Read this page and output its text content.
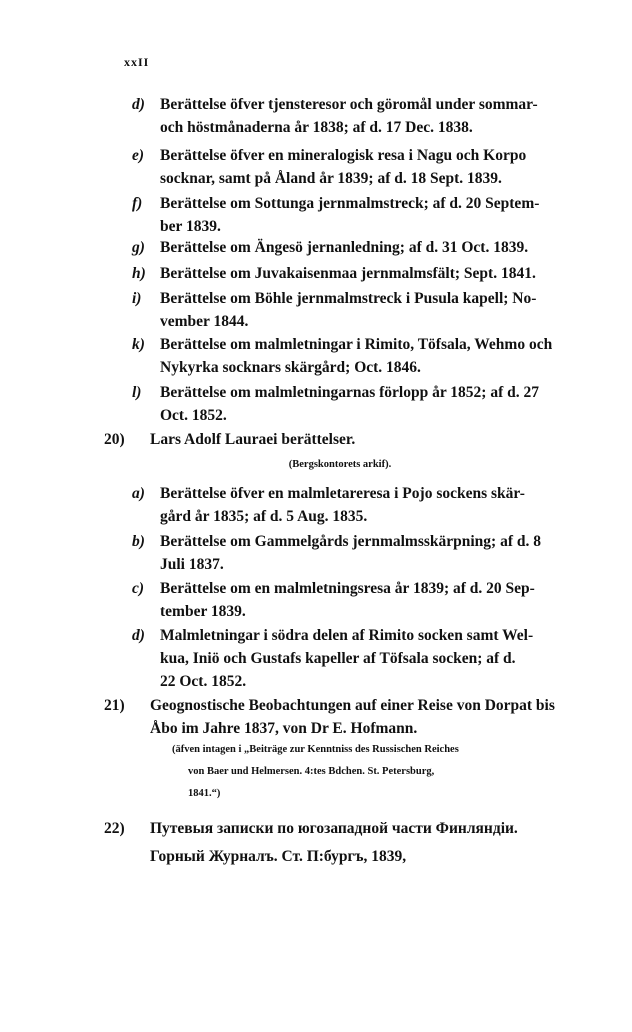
xxII
d) Berättelse öfver tjensteresor och göromål under sommar-
och höstmånaderna år 1838; af d. 17 Dec. 1838.
e) Berättelse öfver en mineralogisk resa i Nagu och Korpo
socknar, samt på Åland år 1839; af d. 18 Sept. 1839.
f) Berättelse om Sottunga jernmalmstreck; af d. 20 Septem-
ber 1839.
g) Berättelse om Ängesö jernanledning; af d. 31 Oct. 1839.
h) Berättelse om Juvakaisenmaa jernmalmsfält; Sept. 1841.
i) Berättelse om Böhle jernmalmstreck i Pusula kapell; No-
vember 1844.
k) Berättelse om malmletningar i Rimito, Töfsala, Wehmo och
Nykyrka socknars skärgård; Oct. 1846.
l) Berättelse om malmletningarnas förlopp år 1852; af d. 27
Oct. 1852.
20) Lars Adolf Lauraei berättelser.
(Bergskontorets arkif).
a) Berättelse öfver en malmletareresa i Pojo sockens skär-
gård år 1835; af d. 5 Aug. 1835.
b) Berättelse om Gammelgårds jernmalmsskärpning; af d. 8
Juli 1837.
c) Berättelse om en malmletningsresa år 1839; af d. 20 Sep-
tember 1839.
d) Malmletningar i södra delen af Rimito socken samt Wel-
kua, Iniö och Gustafs kapeller af Töfsala socken; af d.
22 Oct. 1852.
21) Geognostische Beobachtungen auf einer Reise von Dorpat bis
Åbo im Jahre 1837, von Dr E. Hofmann.
(äfven intagen i „Beiträge zur Kenntniss des Russischen Reiches
von Baer und Helmersen. 4:tes Bdchen. St. Petersburg,
1841.“)
22) Путевыя записки по югозападной части Финляндіи.
Горный Журналъ. Ст. П:бургъ, 1839,
